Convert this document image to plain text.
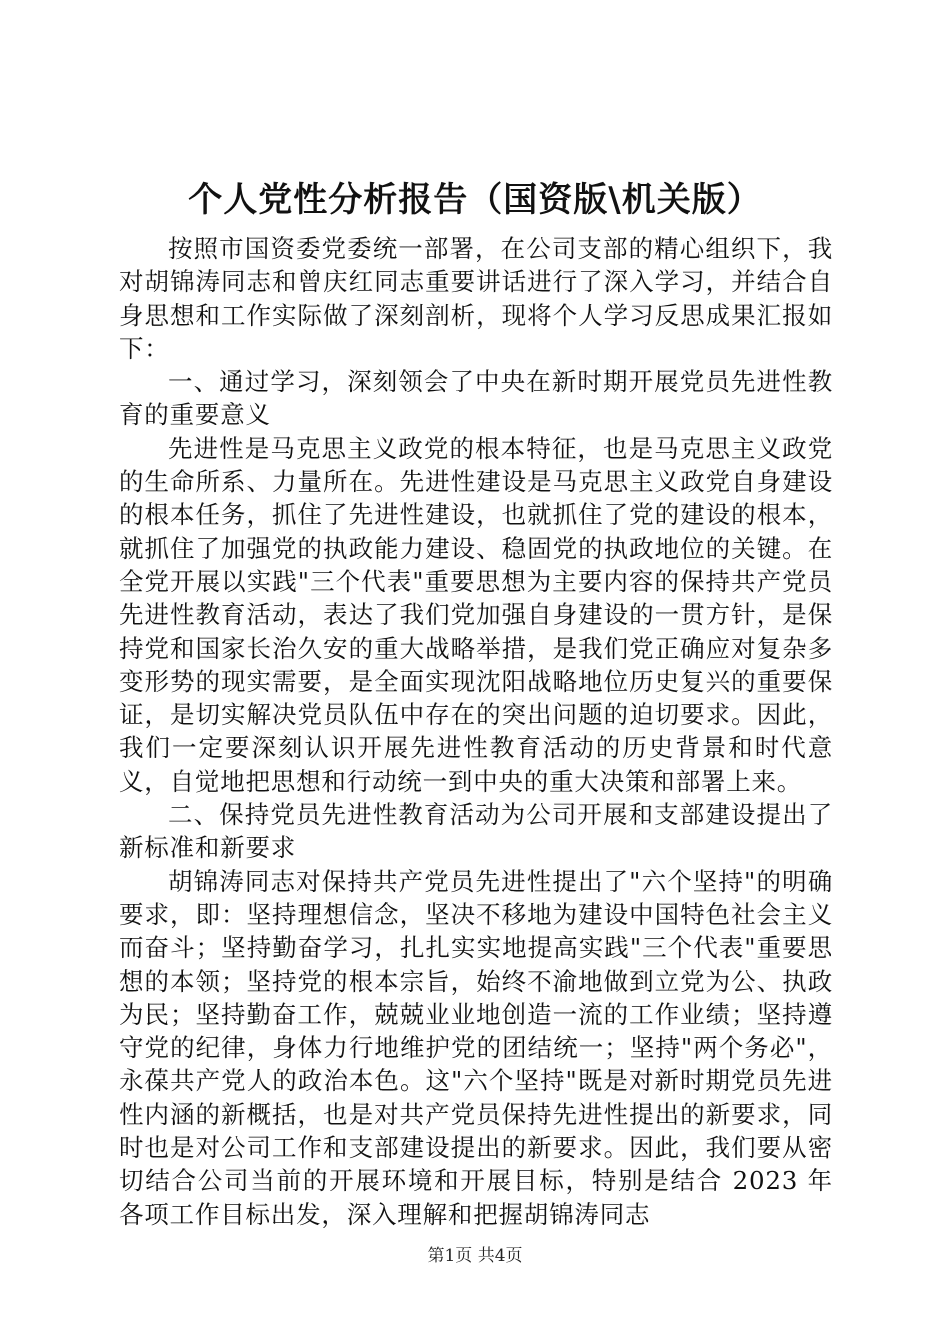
个人党性分析报告（国资版\机关版）

按照市国资委党委统一部署，在公司支部的精心组织下，我对胡锦涛同志和曾庆红同志重要讲话进行了深入学习，并结合自身思想和工作实际做了深刻剖析，现将个人学习反思成果汇报如下：

一、通过学习，深刻领会了中央在新时期开展党员先进性教育的重要意义

先进性是马克思主义政党的根本特征，也是马克思主义政党的生命所系、力量所在。先进性建设是马克思主义政党自身建设的根本任务，抓住了先进性建设，也就抓住了党的建设的根本，就抓住了加强党的执政能力建设、稳固党的执政地位的关键。在全党开展以实践"三个代表"重要思想为主要内容的保持共产党员先进性教育活动，表达了我们党加强自身建设的一贯方针，是保持党和国家长治久安的重大战略举措，是我们党正确应对复杂多变形势的现实需要，是全面实现沈阳战略地位历史复兴的重要保证，是切实解决党员队伍中存在的突出问题的迫切要求。因此，我们一定要深刻认识开展先进性教育活动的历史背景和时代意义，自觉地把思想和行动统一到中央的重大决策和部署上来。

二、保持党员先进性教育活动为公司开展和支部建设提出了新标准和新要求

胡锦涛同志对保持共产党员先进性提出了"六个坚持"的明确要求，即：坚持理想信念，坚决不移地为建设中国特色社会主义而奋斗；坚持勤奋学习，扎扎实实地提高实践"三个代表"重要思想的本领；坚持党的根本宗旨，始终不渝地做到立党为公、执政为民；坚持勤奋工作，兢兢业业地创造一流的工作业绩；坚持遵守党的纪律，身体力行地维护党的团结统一；坚持"两个务必"，永葆共产党人的政治本色。这"六个坚持"既是对新时期党员先进性内涵的新概括，也是对共产党员保持先进性提出的新要求，同时也是对公司工作和支部建设提出的新要求。因此，我们要从密切结合公司当前的开展环境和开展目标，特别是结合 2023 年各项工作目标出发，深入理解和把握胡锦涛同志

第1页 共4页
